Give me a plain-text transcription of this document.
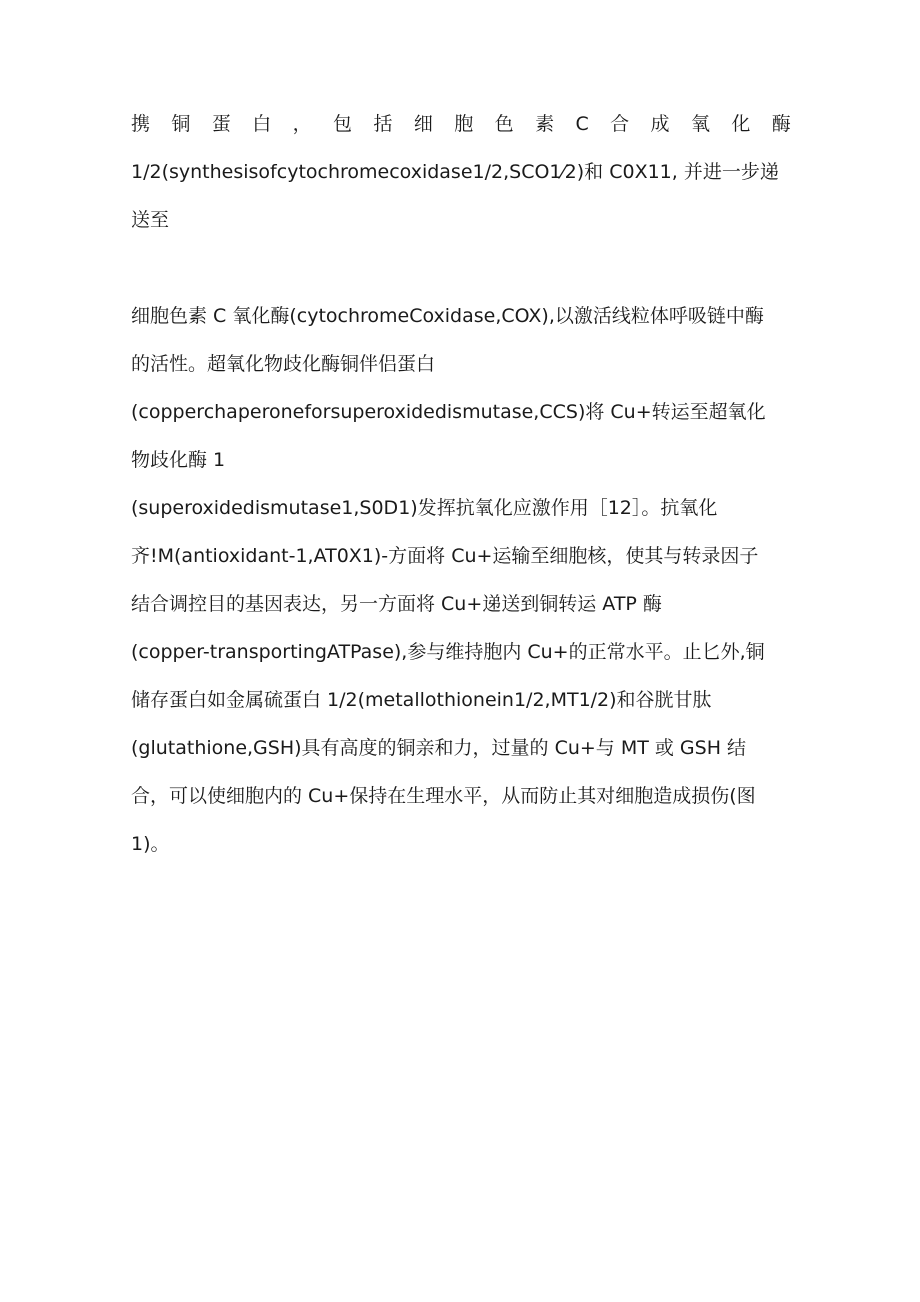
携 铜 蛋 白 ， 包 括 细 胞 色 素 C 合 成 氧 化 酶
1/2(synthesisofcytochromecoxidase1/2,SCO1⁄2)和 C0X11, 并进一步递
送至
细胞色素 C 氧化酶(cytochromeCoxidase,COX),以激活线粒体呼吸链中酶
的活性。超氧化物歧化酶铜伴侣蛋白
(copperchaperoneforsuperoxidedismutase,CCS)将 Cu+转运至超氧化
物歧化酶 1
(superoxidedismutase1,S0D1)发挥抗氧化应激作用［12］。抗氧化
齐!M(antioxidant-1,AT0X1)-方面将 Cu+运输至细胞核，使其与转录因子
结合调控目的基因表达，另一方面将 Cu+递送到铜转运 ATP 酶
(copper-transportingATPase),参与维持胞内 Cu+的正常水平。止匕外,铜
储存蛋白如金属硫蛋白 1/2(metallothionein1/2,MT1/2)和谷胱甘肽
(glutathione,GSH)具有高度的铜亲和力，过量的 Cu+与 MT 或 GSH 结
合，可以使细胞内的 Cu+保持在生理水平，从而防止其对细胞造成损伤(图
1)。
